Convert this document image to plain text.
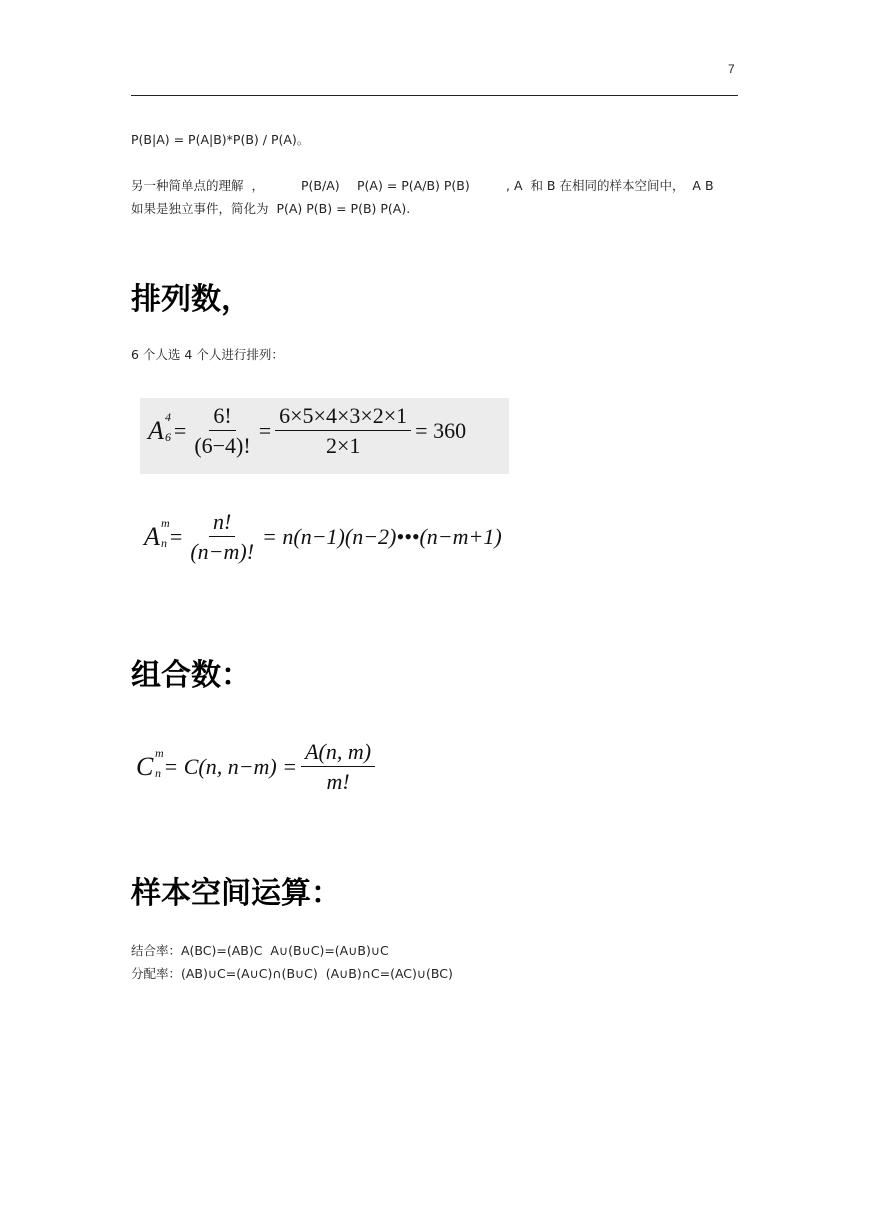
7
P(B|A) = P(A|B)*P(B) / P(A)。
另一种简单点的理解  ，	P(B/A) P(A) = P(A/B) P(B)	, A  和 B 在相同的样本空间中，  A B
如果是独立事件，简化为  P(A) P(B) = P(B) P(A).
排列数，
6 个人选 4 个人进行排列：
A 4
$6 = \frac{6!}{(6-4)!} = \frac{6\times 5\times 4\times 3\times 2\times 1}{2\times 1} = 360$
A m
$n = \frac{n!}{(n-m)!}$ = n(n−1)(n−2)•••(n−m+1)
组合数：
C m
n = C(n, $n-m) = \frac{A(n, m)}{m!}$
样本空间运算：
结合率：A(BC)=(AB)C  A∪(B∪C)=(A∪B)∪C
分配率：(AB)∪C=(A∪C)∩(B∪C)  (A∪B)∩C=(AC)∪(BC)
